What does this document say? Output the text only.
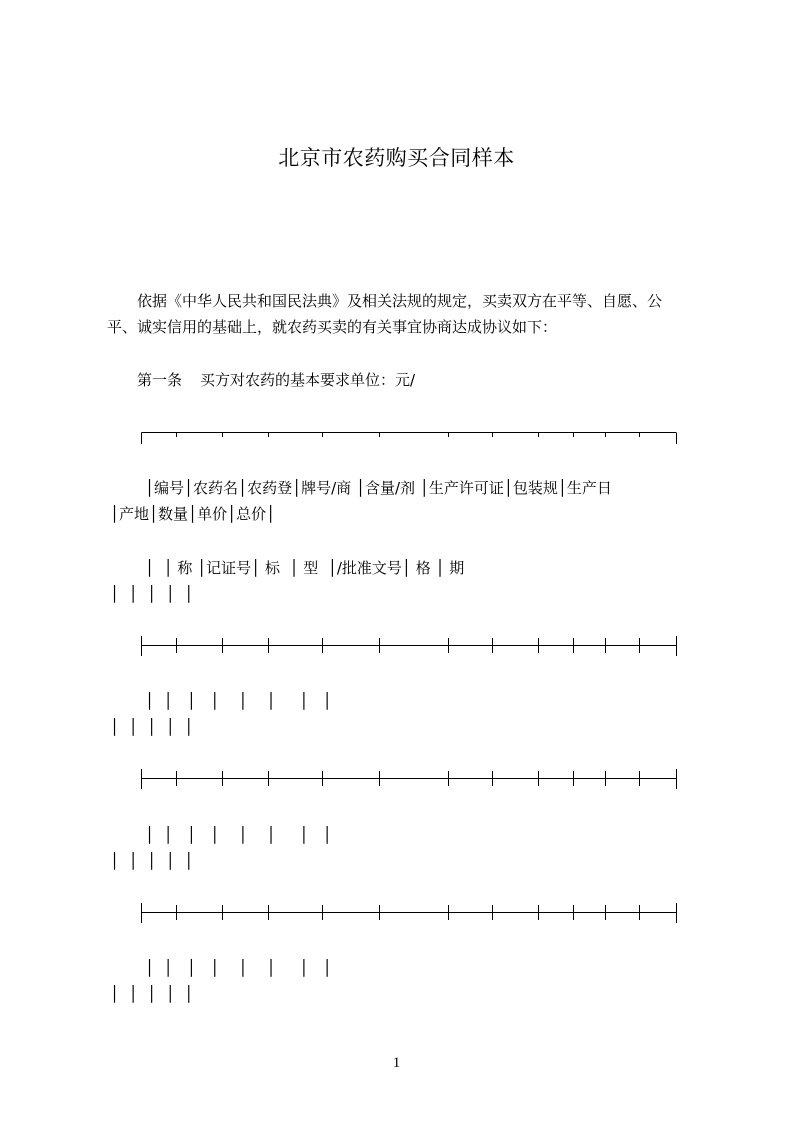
北京市农药购买合同样本
依据《中华人民共和国民法典》及相关法规的规定，买卖双方在平等、自愿、公
平、诚实信用的基础上，就农药买卖的有关事宜协商达成协议如下：
第一条 买方对农药的基本要求单位：元/
│编号│农药名│农药登│牌号/商 │含量/剂 │生产许可证│包装规│生产日
│产地│数量│单价│总价│
│  │ 称 │记证号│ 标  │ 型  │/批准文号│ 格 │ 期
│  │  │  │  │
│  │   │   │    │    │     │   │
│  │  │  │  │
│  │   │   │    │    │     │   │
│  │  │  │  │
│  │   │   │    │    │     │   │
│  │  │  │  │
1
